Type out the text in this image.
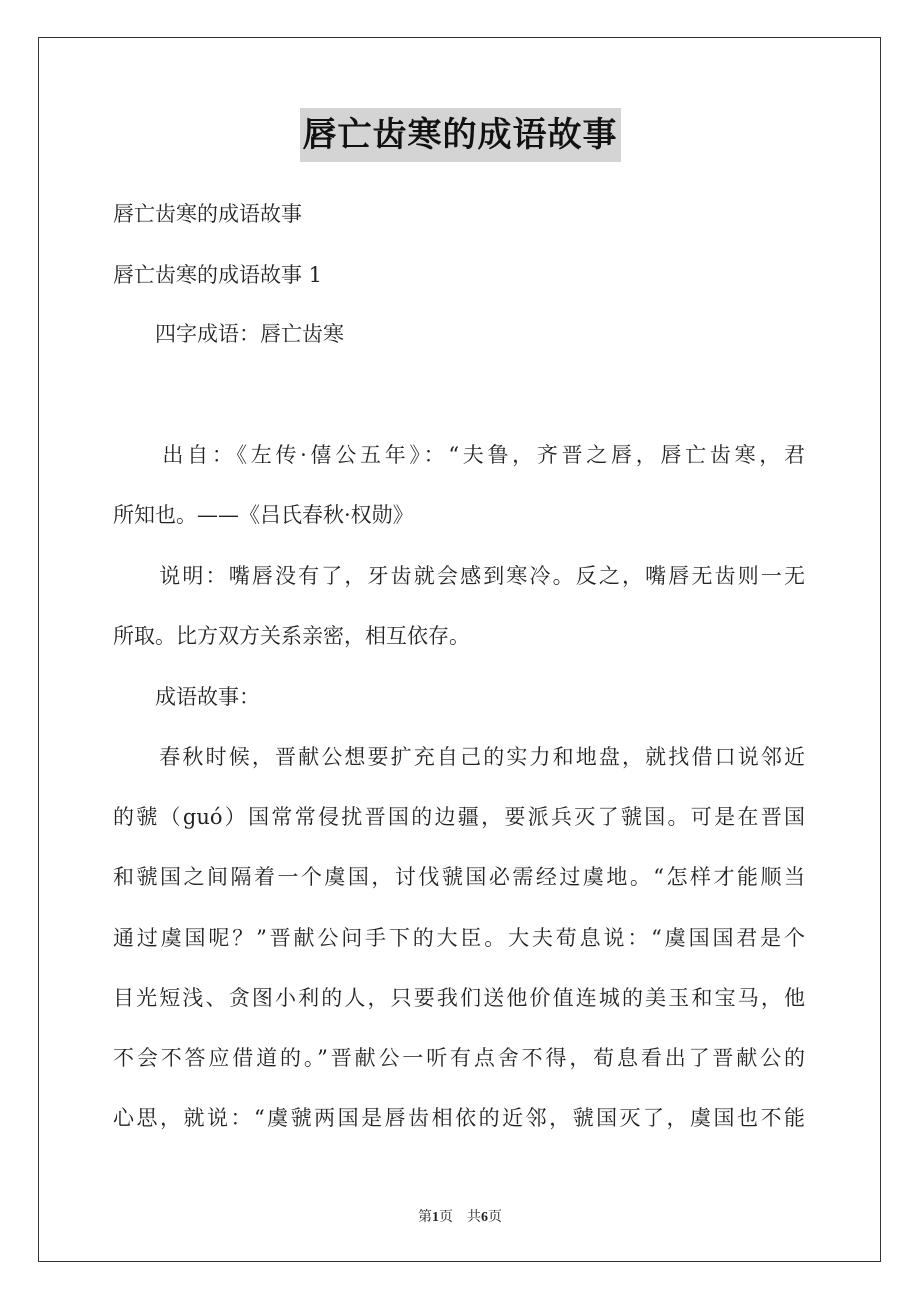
唇亡齿寒的成语故事
唇亡齿寒的成语故事
唇亡齿寒的成语故事 1
　　四字成语：唇亡齿寒
　　出自：《左传·僖公五年》：“夫鲁，齐晋之唇，唇亡齿寒，君
所知也。——《吕氏春秋·权勋》
　　说明：嘴唇没有了，牙齿就会感到寒冷。反之，嘴唇无齿则一无
所取。比方双方关系亲密，相互依存。
　　成语故事：
　　春秋时候，晋献公想要扩充自己的实力和地盘，就找借口说邻近
的虢（guó）国常常侵扰晋国的边疆，要派兵灭了虢国。可是在晋国
和虢国之间隔着一个虞国，讨伐虢国必需经过虞地。“怎样才能顺当
通过虞国呢？”晋献公问手下的大臣。大夫荀息说：“虞国国君是个
目光短浅、贪图小利的人，只要我们送他价值连城的美玉和宝马，他
不会不答应借道的。”晋献公一听有点舍不得，荀息看出了晋献公的
心思，就说：“虞虢两国是唇齿相依的近邻，虢国灭了，虞国也不能
第1页　共6页
